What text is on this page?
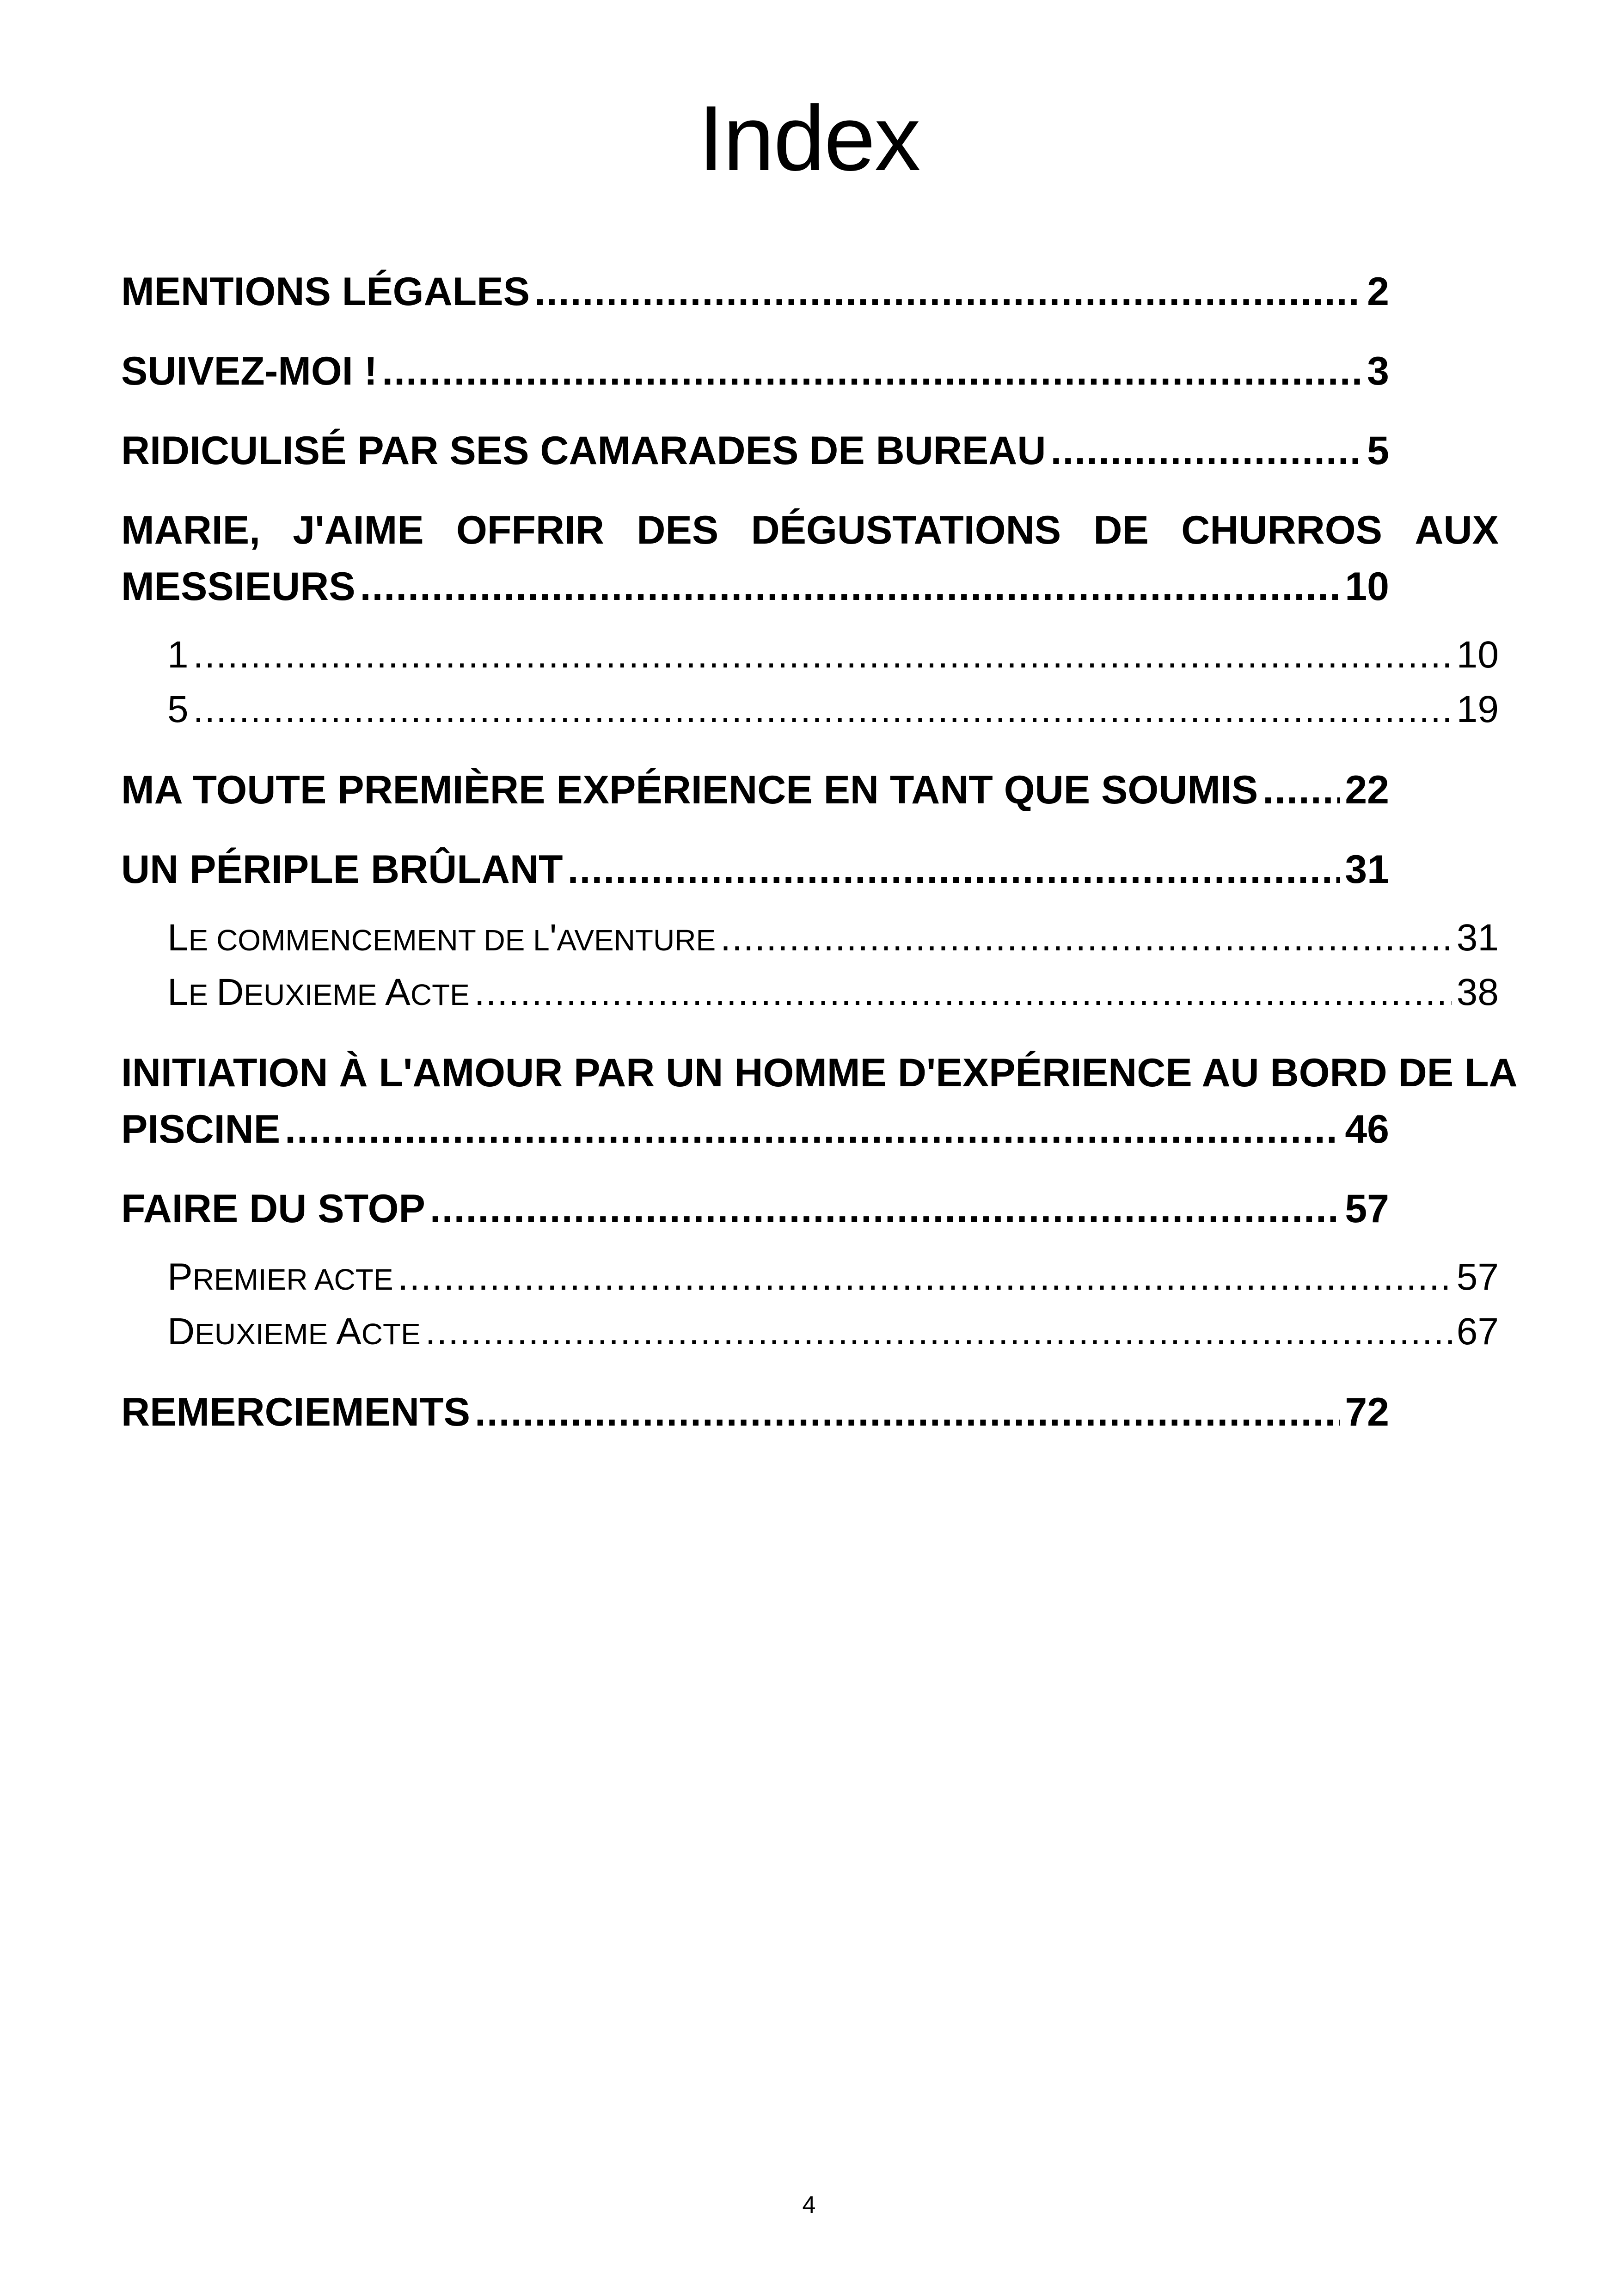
Index
MENTIONS LÉGALES .....	2
SUIVEZ-MOI ! .....	3
RIDICULISÉ PAR SES CAMARADES DE BUREAU .....	5
MARIE, J'AIME OFFRIR DES DÉGUSTATIONS DE CHURROS AUX
MESSIEURS .....	10
1 .....	10
5 .....	19
MA TOUTE PREMIÈRE EXPÉRIENCE EN TANT QUE SOUMIS ..... 22
UN PÉRIPLE BRÛLANT .....	31
LE COMMENCEMENT DE L'AVENTURE .....	31
LE DEUXIEME ACTE .....	38
INITIATION À L'AMOUR PAR UN HOMME D'EXPÉRIENCE AU BORD DE LA
PISCINE .....	46
FAIRE DU STOP .....	57
PREMIER ACTE .....	57
DEUXIEME ACTE .....	67
REMERCIEMENTS .....	72
4
